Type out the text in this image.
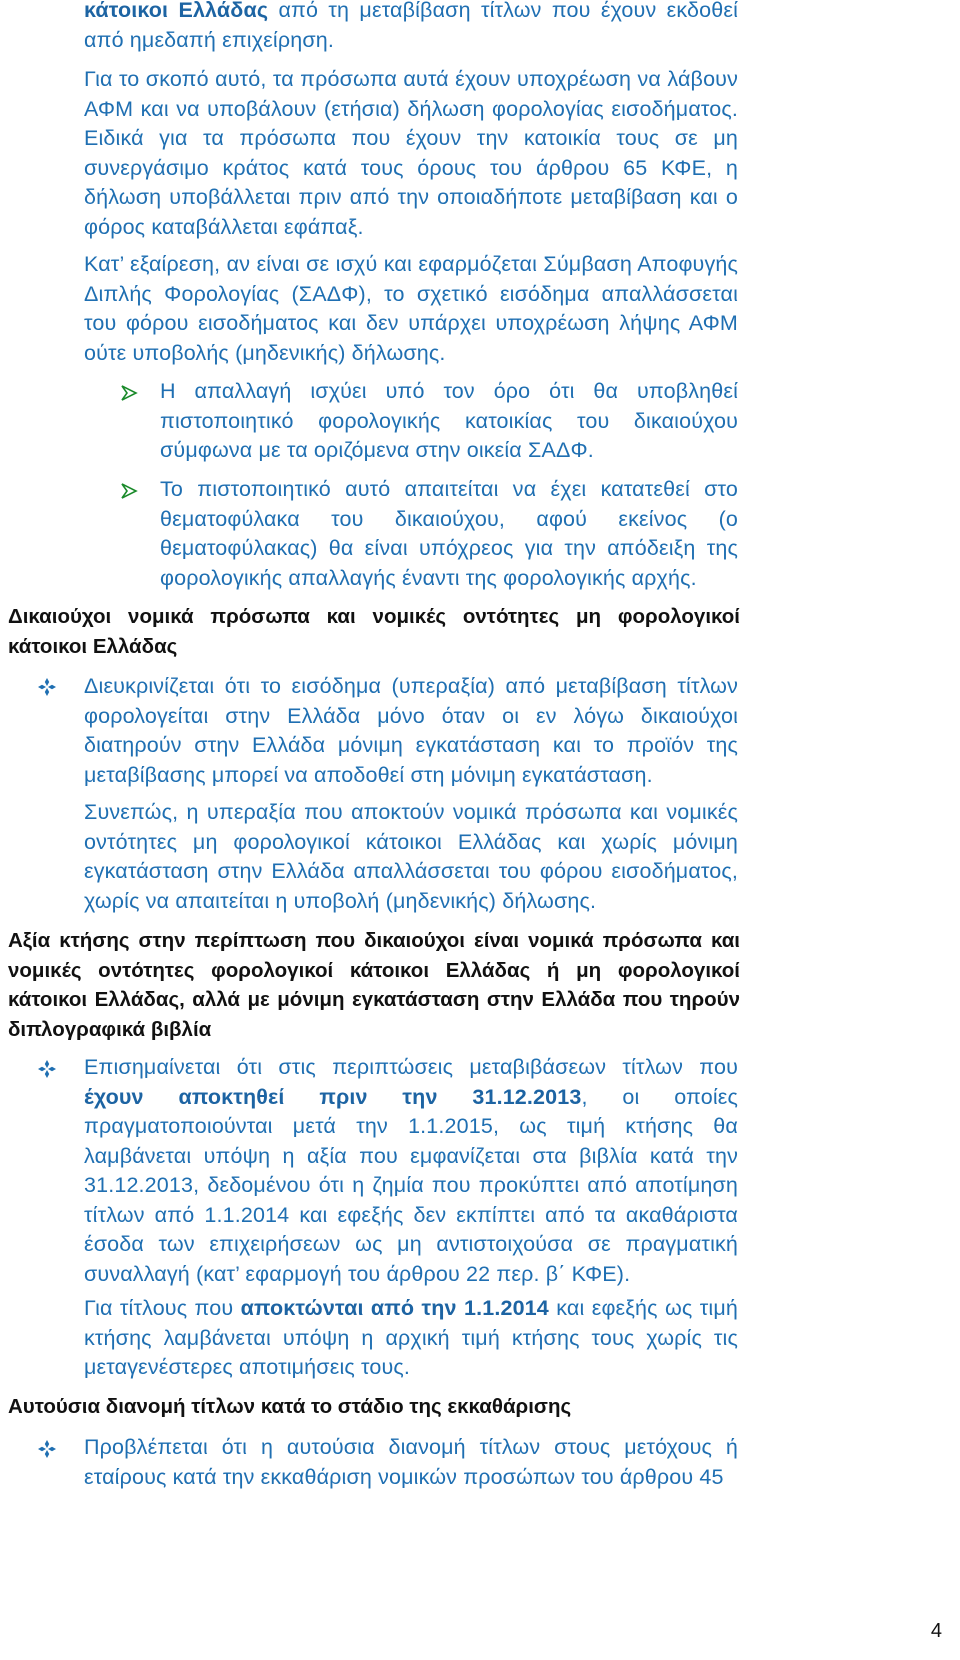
κάτοικοι Ελλάδας από τη μεταβίβαση τίτλων που έχουν εκδοθεί από ημεδαπή επιχείρηση.

Για το σκοπό αυτό, τα πρόσωπα αυτά έχουν υποχρέωση να λάβουν ΑΦΜ και να υποβάλουν (ετήσια) δήλωση φορολογίας εισοδήματος. Ειδικά για τα πρόσωπα που έχουν την κατοικία τους σε μη συνεργάσιμο κράτος κατά τους όρους του άρθρου 65 ΚΦΕ, η δήλωση υποβάλλεται πριν από την οποιαδήποτε μεταβίβαση και ο φόρος καταβάλλεται εφάπαξ.

Κατ’ εξαίρεση, αν είναι σε ισχύ και εφαρμόζεται Σύμβαση Αποφυγής Διπλής Φορολογίας (ΣΑΔΦ), το σχετικό εισόδημα απαλλάσσεται του φόρου εισοδήματος και δεν υπάρχει υποχρέωση λήψης ΑΦΜ ούτε υποβολής (μηδενικής) δήλωσης.

Η απαλλαγή ισχύει υπό τον όρο ότι θα υποβληθεί πιστοποιητικό φορολογικής κατοικίας του δικαιούχου σύμφωνα με τα οριζόμενα στην οικεία ΣΑΔΦ.

Το πιστοποιητικό αυτό απαιτείται να έχει κατατεθεί στο θεματοφύλακα του δικαιούχου, αφού εκείνος (ο θεματοφύλακας) θα είναι υπόχρεος για την απόδειξη της φορολογικής απαλλαγής έναντι της φορολογικής αρχής.

Δικαιούχοι νομικά πρόσωπα και νομικές οντότητες μη φορολογικοί κάτοικοι Ελλάδας

Διευκρινίζεται ότι το εισόδημα (υπεραξία) από μεταβίβαση τίτλων φορολογείται στην Ελλάδα μόνο όταν οι εν λόγω δικαιούχοι διατηρούν στην Ελλάδα μόνιμη εγκατάσταση και το προϊόν της μεταβίβασης μπορεί να αποδοθεί στη μόνιμη εγκατάσταση.

Συνεπώς, η υπεραξία που αποκτούν νομικά πρόσωπα και νομικές οντότητες μη φορολογικοί κάτοικοι Ελλάδας και χωρίς μόνιμη εγκατάσταση στην Ελλάδα απαλλάσσεται του φόρου εισοδήματος, χωρίς να απαιτείται η υποβολή (μηδενικής) δήλωσης.

Αξία κτήσης στην περίπτωση που δικαιούχοι είναι νομικά πρόσωπα και νομικές οντότητες φορολογικοί κάτοικοι Ελλάδας ή μη φορολογικοί κάτοικοι Ελλάδας, αλλά με μόνιμη εγκατάσταση στην Ελλάδα που τηρούν διπλογραφικά βιβλία

Επισημαίνεται ότι στις περιπτώσεις μεταβιβάσεων τίτλων που έχουν αποκτηθεί πριν την 31.12.2013, οι οποίες πραγματοποιούνται μετά την 1.1.2015, ως τιμή κτήσης θα λαμβάνεται υπόψη η αξία που εμφανίζεται στα βιβλία κατά την 31.12.2013, δεδομένου ότι η ζημία που προκύπτει από αποτίμηση τίτλων από 1.1.2014 και εφεξής δεν εκπίπτει από τα ακαθάριστα έσοδα των επιχειρήσεων ως μη αντιστοιχούσα σε πραγματική συναλλαγή (κατ’ εφαρμογή του άρθρου 22 περ. β΄ ΚΦΕ).

Για τίτλους που αποκτώνται από την 1.1.2014 και εφεξής ως τιμή κτήσης λαμβάνεται υπόψη η αρχική τιμή κτήσης τους χωρίς τις μεταγενέστερες αποτιμήσεις τους.

Αυτούσια διανομή τίτλων κατά το στάδιο της εκκαθάρισης

Προβλέπεται ότι η αυτούσια διανομή τίτλων στους μετόχους ή εταίρους κατά την εκκαθάριση νομικών προσώπων του άρθρου 45

4
